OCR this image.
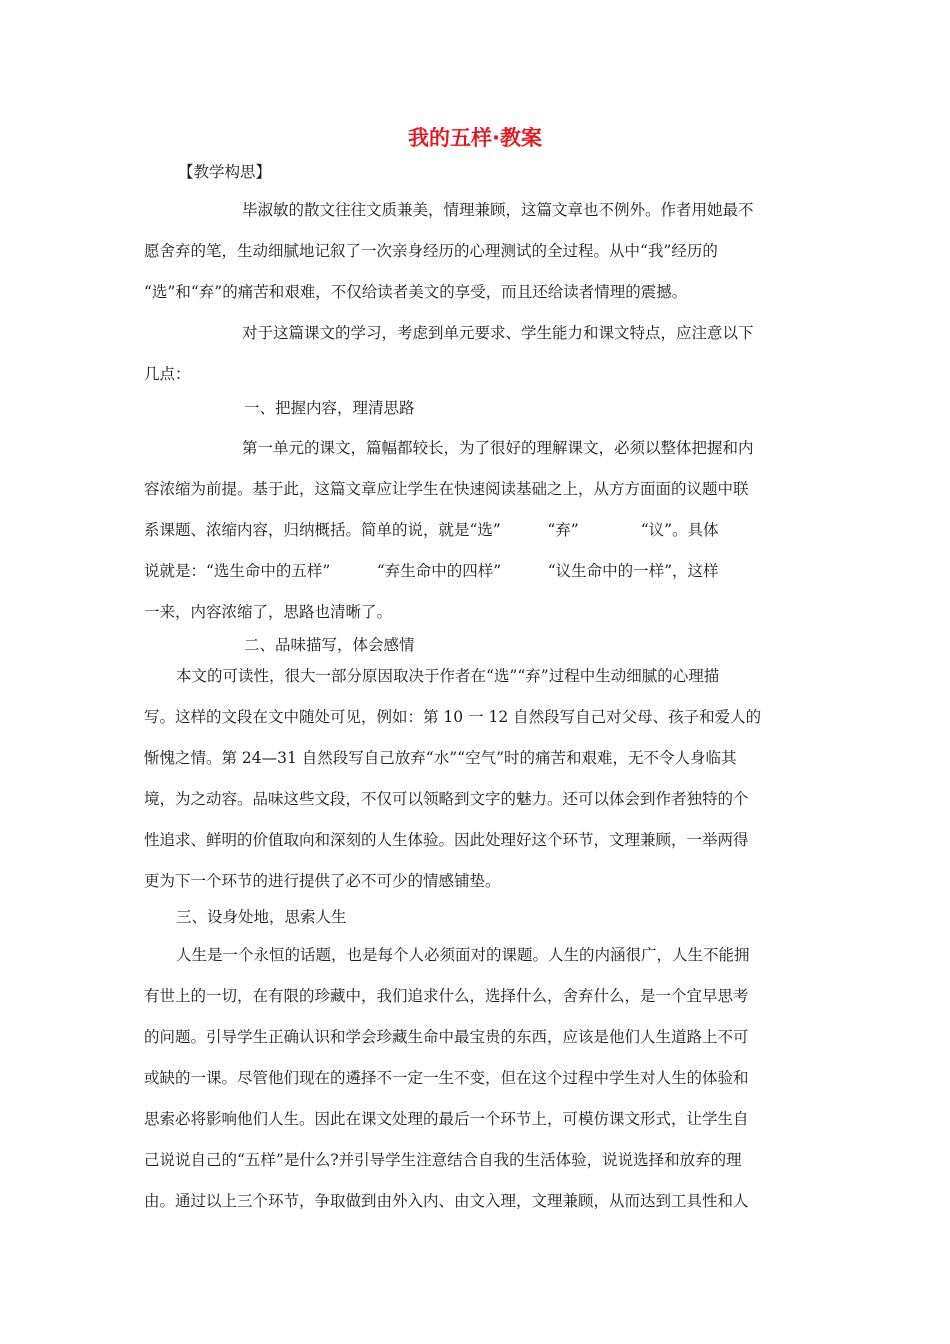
我的五样·教案
【教学构思】
毕淑敏的散文往往文质兼美，情理兼顾，这篇文章也不例外。作者用她最不
愿舍弃的笔，生动细腻地记叙了一次亲身经历的心理测试的全过程。从中“我”经历的
“选”和“弃”的痛苦和艰难，不仅给读者美文的享受，而且还给读者情理的震撼。
对于这篇课文的学习，考虑到单元要求、学生能力和课文特点，应注意以下
几点：
一、把握内容，理清思路
第一单元的课文，篇幅都较长，为了很好的理解课文，必须以整体把握和内
容浓缩为前提。基于此，这篇文章应让学生在快速阅读基础之上，从方方面面的议题中联
系课题、浓缩内容，归纳概括。简单的说，就是“选”　　　“弃”　　　　“议”。具体
说就是：“选生命中的五样”　　　“弃生命中的四样”　　　“议生命中的一样”，这样
一来，内容浓缩了，思路也清晰了。
二、品味描写，体会感情
本文的可读性，很大一部分原因取决于作者在“选”“弃”过程中生动细腻的心理描
写。这样的文段在文中随处可见，例如：第 10 一 12 自然段写自己对父母、孩子和爱人的
惭愧之情。第 24—31 自然段写自己放弃“水”“空气”时的痛苦和艰难，无不令人身临其
境，为之动容。品味这些文段，不仅可以领略到文字的魅力。还可以体会到作者独特的个
性追求、鲜明的价值取向和深刻的人生体验。因此处理好这个环节，文理兼顾，一举两得
更为下一个环节的进行提供了必不可少的情感铺垫。
三、设身处地，思索人生
人生是一个永恒的话题，也是每个人必须面对的课题。人生的内涵很广，人生不能拥
有世上的一切，在有限的珍藏中，我们追求什么，选择什么，舍弃什么，是一个宜早思考
的问题。引导学生正确认识和学会珍藏生命中最宝贵的东西，应该是他们人生道路上不可
或缺的一课。尽管他们现在的遴择不一定一生不变，但在这个过程中学生对人生的体验和
思索必将影响他们人生。因此在课文处理的最后一个环节上，可模仿课文形式，让学生自
己说说自己的“五样”是什么?并引导学生注意结合自我的生活体验，说说选择和放弃的理
由。通过以上三个环节，争取做到由外入内、由文入理，文理兼顾，从而达到工具性和人
